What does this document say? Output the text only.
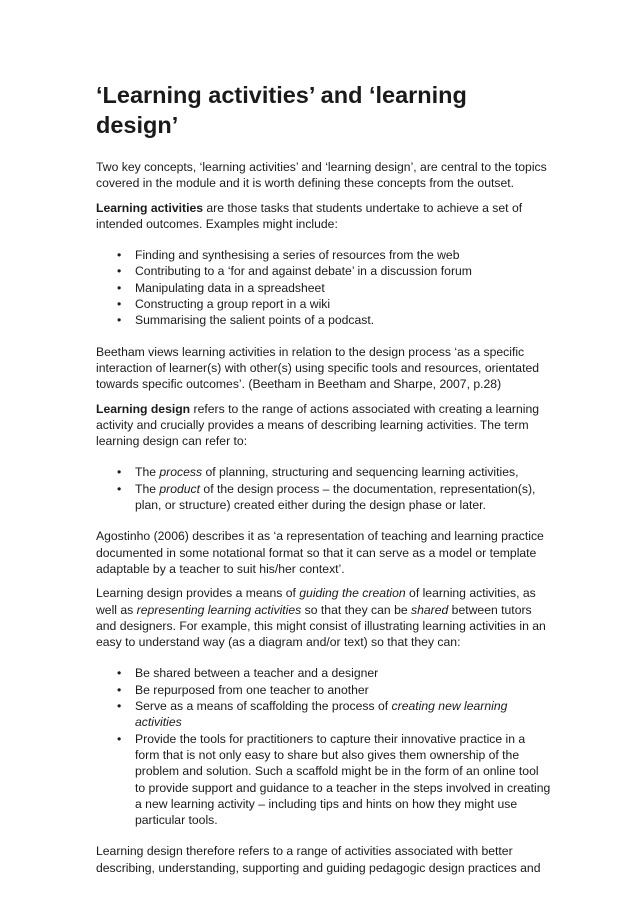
‘Learning activities’ and ‘learning design’

Two key concepts, ‘learning activities’ and ‘learning design’, are central to the topics covered in the module and it is worth defining these concepts from the outset.

Learning activities are those tasks that students undertake to achieve a set of intended outcomes. Examples might include:

• Finding and synthesising a series of resources from the web
• Contributing to a ‘for and against debate’ in a discussion forum
• Manipulating data in a spreadsheet
• Constructing a group report in a wiki
• Summarising the salient points of a podcast.

Beetham views learning activities in relation to the design process ‘as a specific interaction of learner(s) with other(s) using specific tools and resources, orientated towards specific outcomes’. (Beetham in Beetham and Sharpe, 2007, p.28)

Learning design refers to the range of actions associated with creating a learning activity and crucially provides a means of describing learning activities. The term learning design can refer to:

• The process of planning, structuring and sequencing learning activities,
• The product of the design process – the documentation, representation(s), plan, or structure) created either during the design phase or later.

Agostinho (2006) describes it as ‘a representation of teaching and learning practice documented in some notational format so that it can serve as a model or template adaptable by a teacher to suit his/her context’.

Learning design provides a means of guiding the creation of learning activities, as well as representing learning activities so that they can be shared between tutors and designers. For example, this might consist of illustrating learning activities in an easy to understand way (as a diagram and/or text) so that they can:

• Be shared between a teacher and a designer
• Be repurposed from one teacher to another
• Serve as a means of scaffolding the process of creating new learning activities
• Provide the tools for practitioners to capture their innovative practice in a form that is not only easy to share but also gives them ownership of the problem and solution. Such a scaffold might be in the form of an online tool to provide support and guidance to a teacher in the steps involved in creating a new learning activity – including tips and hints on how they might use particular tools.

Learning design therefore refers to a range of activities associated with better describing, understanding, supporting and guiding pedagogic design practices and
